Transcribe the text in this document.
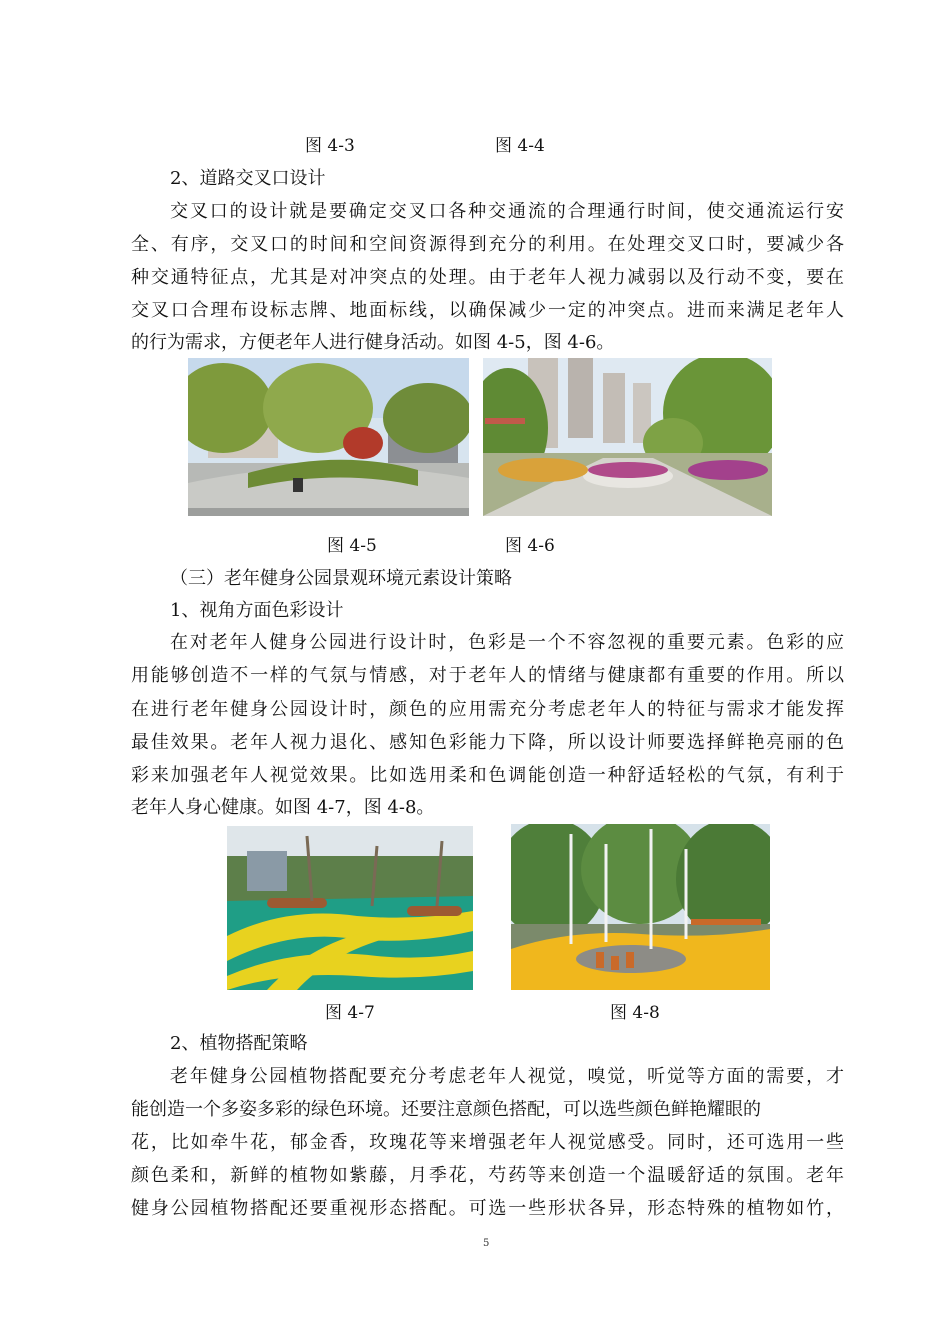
图 4-3	图 4-4
2、道路交叉口设计
交叉口的设计就是要确定交叉口各种交通流的合理通行时间，使交通流运行安
全、有序，交叉口的时间和空间资源得到充分的利用。在处理交叉口时，要减少各
种交通特征点，尤其是对冲突点的处理。由于老年人视力减弱以及行动不变，要在
交叉口合理布设标志牌、地面标线，以确保减少一定的冲突点。进而来满足老年人
的行为需求，方便老年人进行健身活动。如图 4-5，图 4-6。
图 4-5	图 4-6
（三）老年健身公园景观环境元素设计策略
1、视角方面色彩设计
在对老年人健身公园进行设计时，色彩是一个不容忽视的重要元素。色彩的应
用能够创造不一样的气氛与情感，对于老年人的情绪与健康都有重要的作用。所以
在进行老年健身公园设计时，颜色的应用需充分考虑老年人的特征与需求才能发挥
最佳效果。老年人视力退化、感知色彩能力下降，所以设计师要选择鲜艳亮丽的色
彩来加强老年人视觉效果。比如选用柔和色调能创造一种舒适轻松的气氛，有利于
老年人身心健康。如图 4-7，图 4-8。
图 4-7	图 4-8
2、植物搭配策略
老年健身公园植物搭配要充分考虑老年人视觉，嗅觉，听觉等方面的需要，才
能创造一个多姿多彩的绿色环境。还要注意颜色搭配，可以选些颜色鲜艳耀眼的
花，比如牵牛花，郁金香，玫瑰花等来增强老年人视觉感受。同时，还可选用一些
颜色柔和，新鲜的植物如紫藤，月季花，芍药等来创造一个温暖舒适的氛围。老年
健身公园植物搭配还要重视形态搭配。可选一些形状各异，形态特殊的植物如竹，
5
